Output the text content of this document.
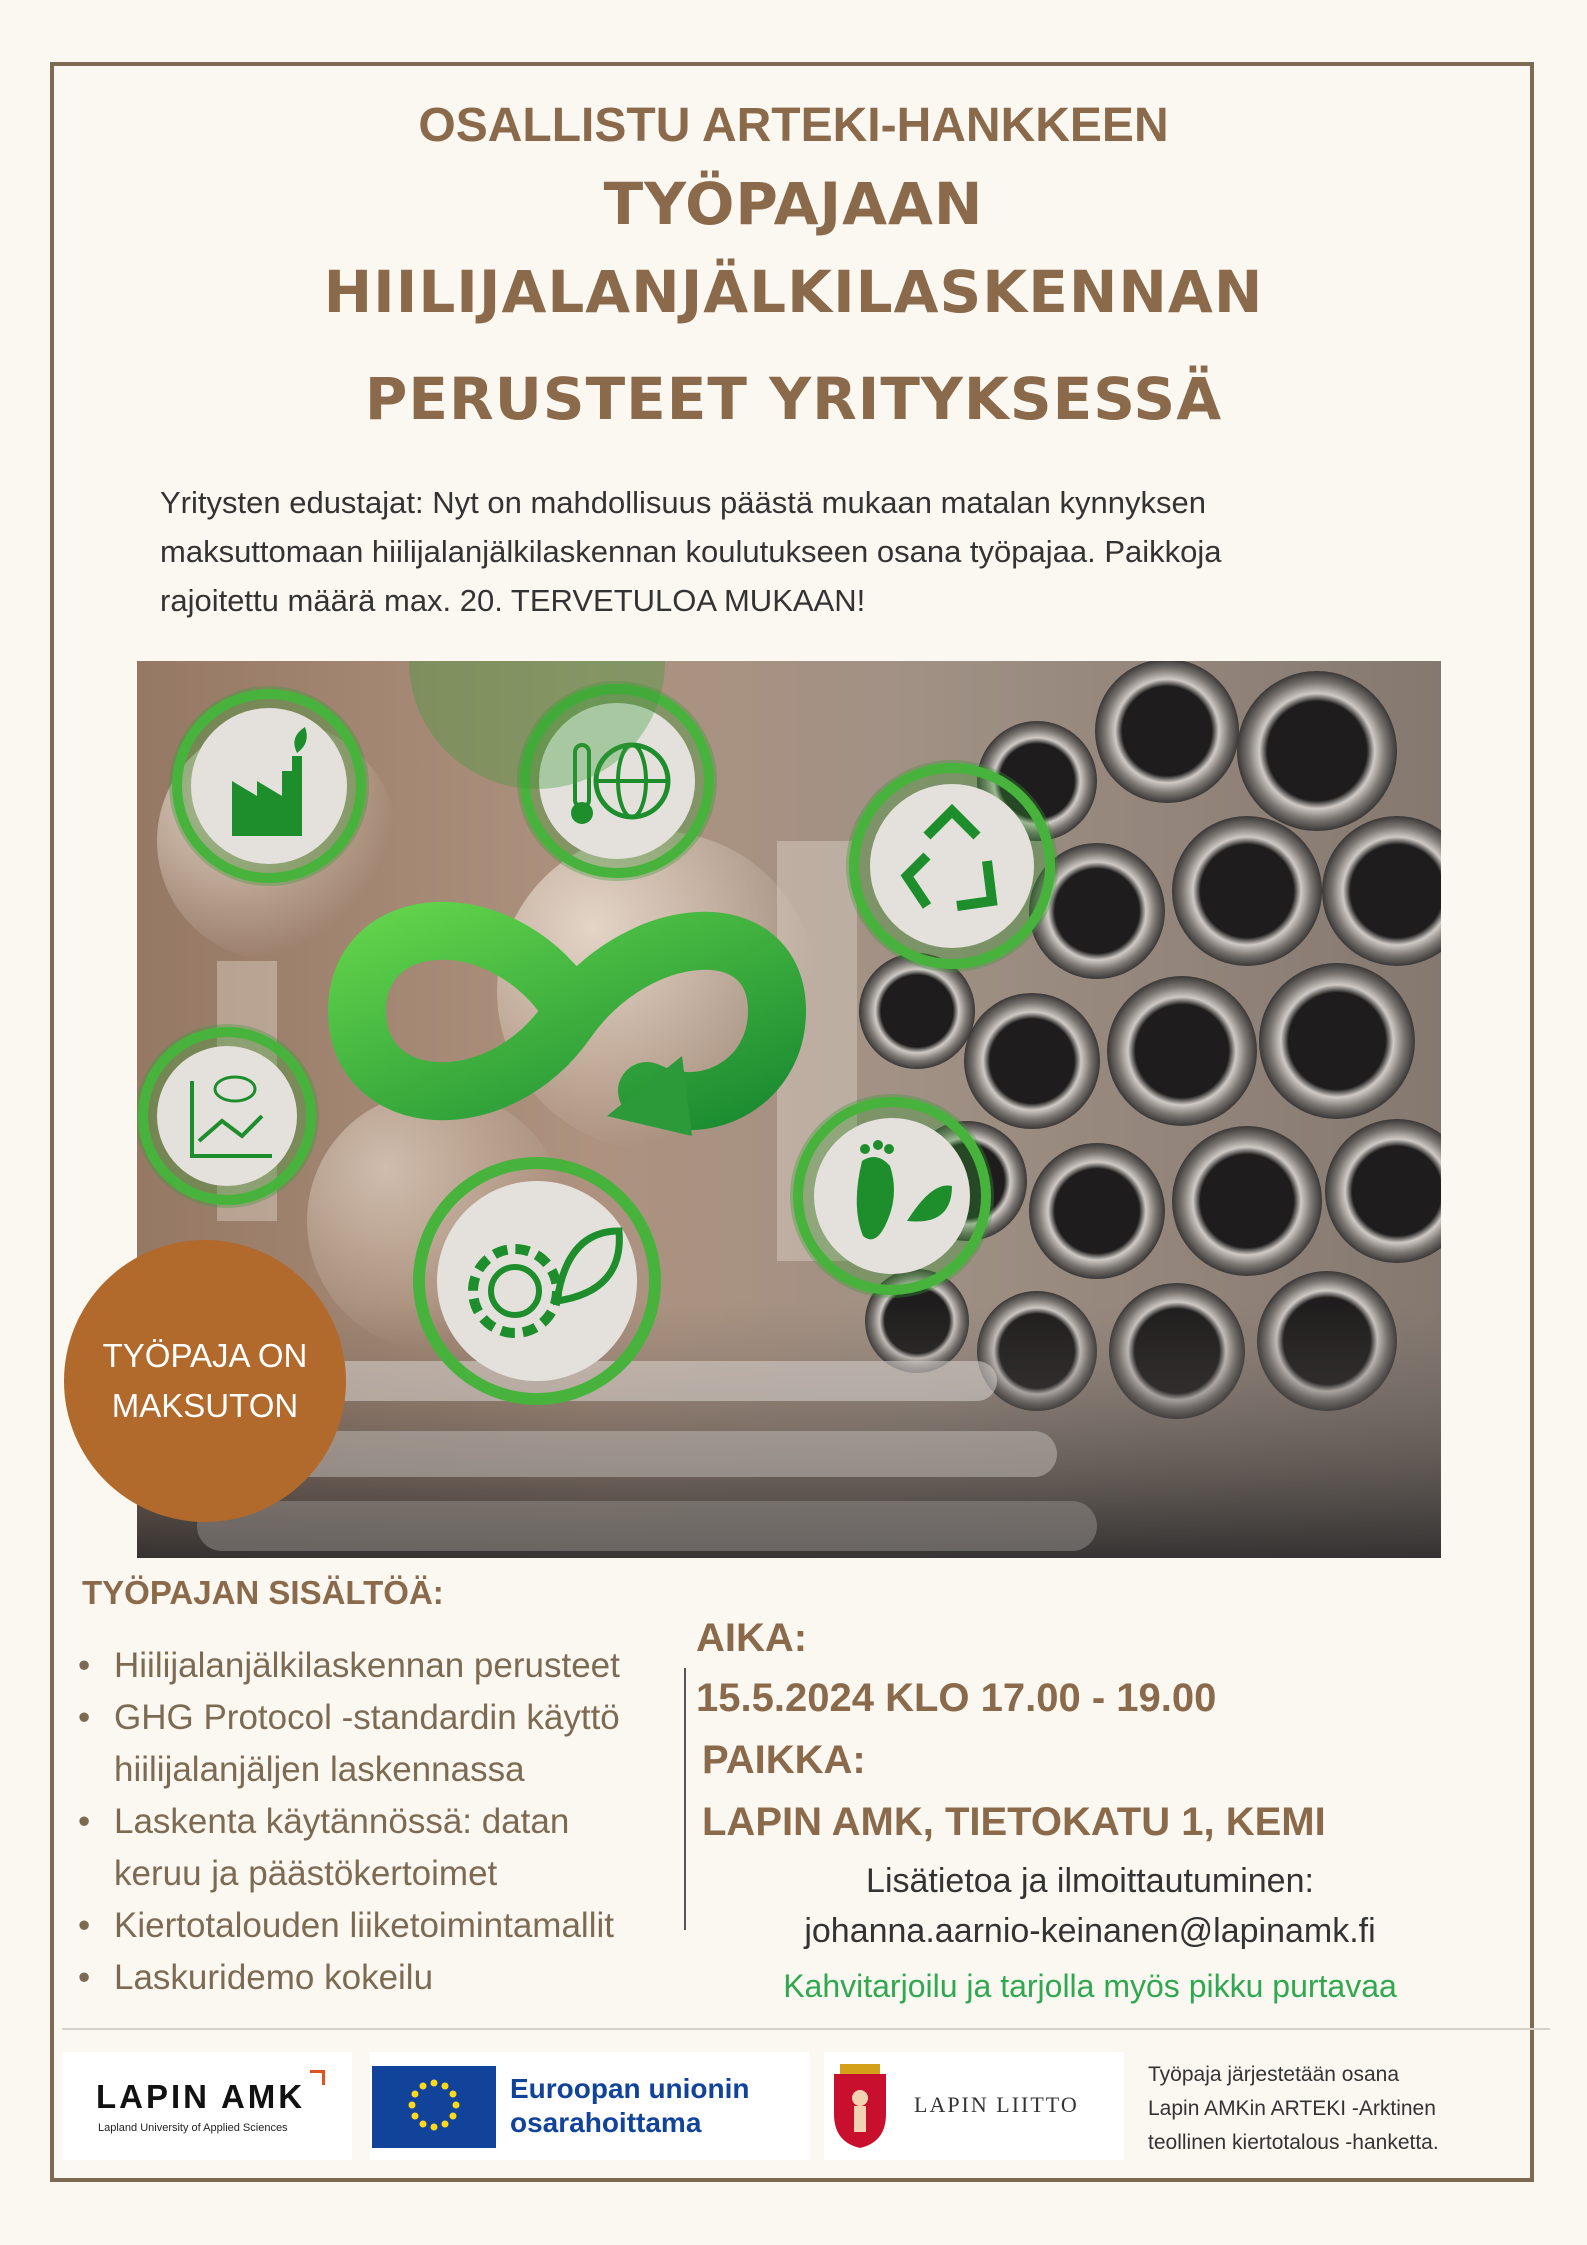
OSALLISTU ARTEKI-HANKKEEN
TYÖPAJAAN
HIILIJALANJÄLKILASKENNAN
PERUSTEET YRITYKSESSÄ
Yritysten edustajat: Nyt on mahdollisuus päästä mukaan matalan kynnyksen
maksuttomaan hiilijalanjälkilaskennan koulutukseen osana työpajaa. Paikkoja
rajoitettu määrä max. 20. TERVETULOA MUKAAN!
TYÖPAJA ON
MAKSUTON
TYÖPAJAN SISÄLTÖÄ:
• Hiilijalanjälkilaskennan perusteet
• GHG Protocol -standardin käyttö
hiilijalanjäljen laskennassa
• Laskenta käytännössä: datan
keruu ja päästökertoimet
• Kiertotalouden liiketoimintamallit
• Laskuridemo kokeilu
AIKA:
15.5.2024 KLO 17.00 - 19.00
PAIKKA:
LAPIN AMK, TIETOKATU 1, KEMI
Lisätietoa ja ilmoittautuminen:
johanna.aarnio-keinanen@lapinamk.fi
Kahvitarjoilu ja tarjolla myös pikku purtavaa
LAPIN AMK
Lapland University of Applied Sciences
Euroopan unionin
osarahoittama
LAPIN LIITTO
Työpaja järjestetään osana
Lapin AMKin ARTEKI -Arktinen
teollinen kiertotalous -hanketta.
